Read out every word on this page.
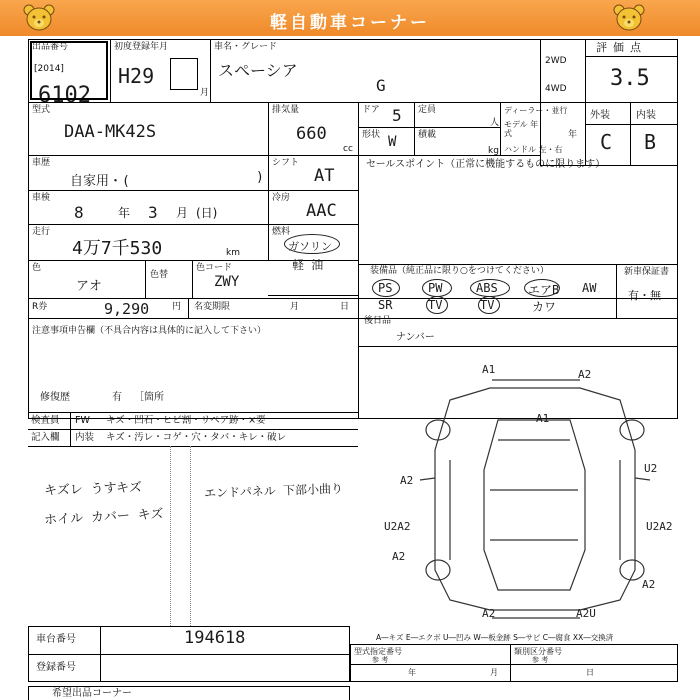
軽自動車コーナー
出品番号
[2014]
6102
初度登録年月
H29
月
車名・グレード
スペーシア
G
2WD
4WD
評価点
3.5
外装	内装
C B
型式
DAA-MK42S
排気量
660
cc
ドア 5
形状 W
定員
人
積載
kg
ディーラー・並行
モデル 年式	年
ハンドル 左・右
車歴
自家用・(	)
シフト
AT
セールスポイント（正常に機能するものに限ります）
車検
8	年 3 月 (日)

冷房
AAC
走行
4万7千530	km
燃料
ガソリン
軽 油
色
アオ
色替
色コード
ZWY
装備品（純正品に限り○をつけてください）
PS	PW	ABS	エアB AW
SR	TV	TV	カワ
新車保証書
有・無
R券	9,290	円 名変期限	月	日
注意事項申告欄（不具合内容は具体的に記入して下さい）
修復歴	有 ［箇所
後日品
ナンバー
検査員
記入欄
FW
内装
キズ・凹石・ヒビ割・リペア跡・×要
キズ・汚レ・コゲ・穴・タバ・キレ・破レ
キズレ うすキズ
ホイル カバー キズ
エンドパネル 下部小曲り
A1	A2
A1
A2
U2
U2A2	U2A2
A2
A2
A2
A2U
A―キズ E―エクボ U―凹み W―板金跡 S―サビ C―腐食 XX―交換済
車台番号	194618
登録番号
型式指定番号
参 考
類別区分番号
参 考
年	月	日
希望出品コーナー
